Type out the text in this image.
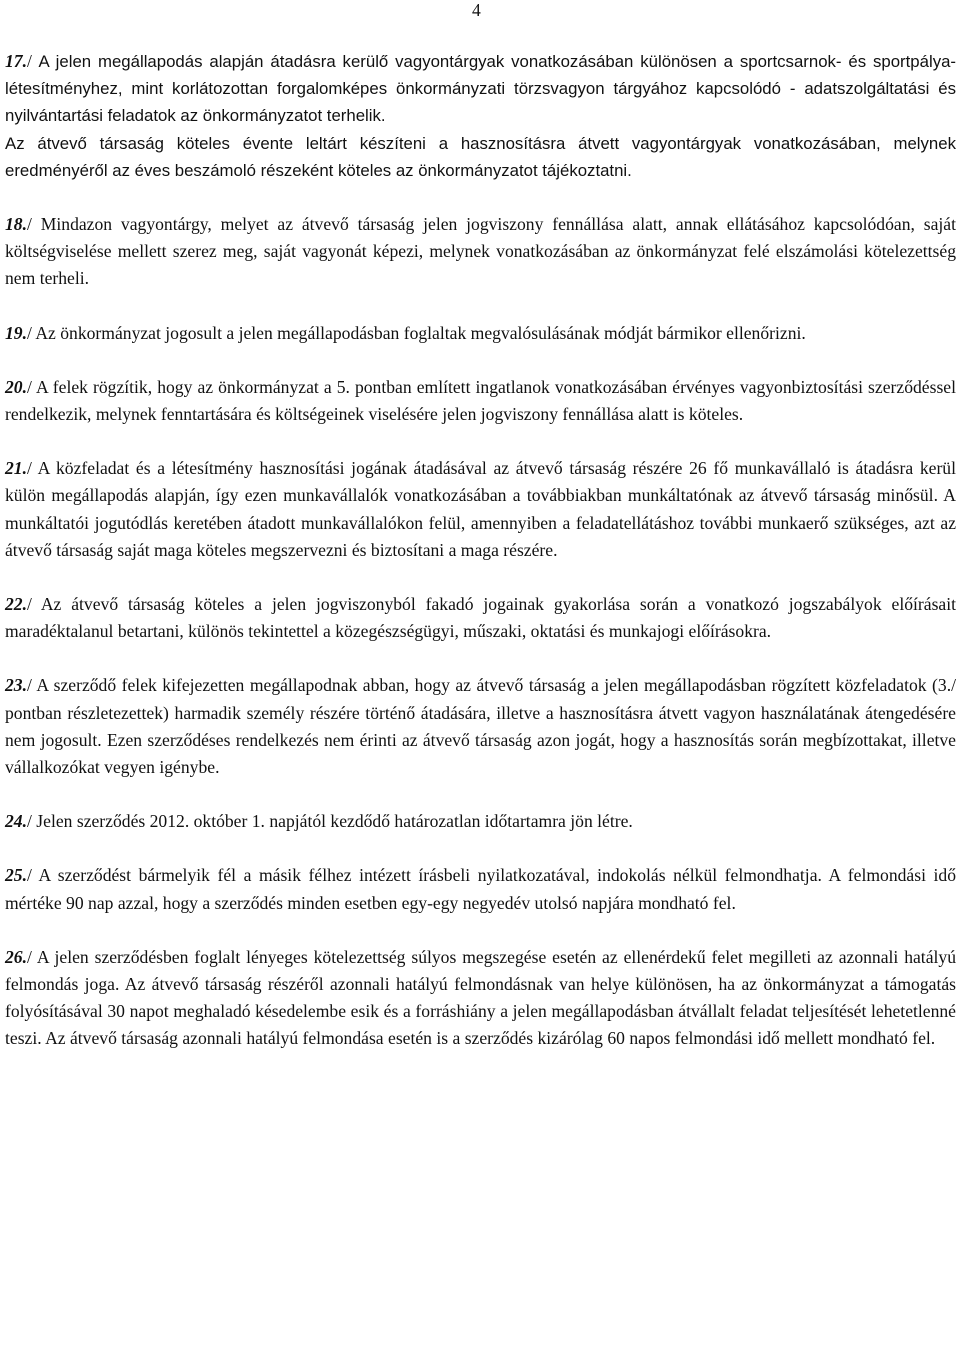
4

17./ A jelen megállapodás alapján átadásra kerülő vagyontárgyak vonatkozásában különösen a sportcsarnok- és sportpálya-létesítményhez, mint korlátozottan forgalomképes önkormányzati törzsvagyon tárgyához kapcsolódó - adatszolgáltatási és nyilvántartási feladatok az önkormányzatot terhelik.

Az átvevő társaság köteles évente leltárt készíteni a hasznosításra átvett vagyontárgyak vonatkozásában, melynek eredményéről az éves beszámoló részeként köteles az önkormányzatot tájékoztatni.

18./ Mindazon vagyontárgy, melyet az átvevő társaság jelen jogviszony fennállása alatt, annak ellátásához kapcsolódóan, saját költségviselése mellett szerez meg, saját vagyonát képezi, melynek vonatkozásában az önkormányzat felé elszámolási kötelezettség nem terheli.

19./ Az önkormányzat jogosult a jelen megállapodásban foglaltak megvalósulásának módját bármikor ellenőrizni.

20./ A felek rögzítik, hogy az önkormányzat a 5. pontban említett ingatlanok vonatkozásában érvényes vagyonbiztosítási szerződéssel rendelkezik, melynek fenntartására és költségeinek viselésére jelen jogviszony fennállása alatt is köteles.

21./ A közfeladat és a létesítmény hasznosítási jogának átadásával az átvevő társaság részére 26 fő munkavállaló is átadásra kerül külön megállapodás alapján, így ezen munkavállalók vonatkozásában a továbbiakban munkáltatónak az átvevő társaság minősül. A munkáltatói jogutódlás keretében átadott munkavállalókon felül, amennyiben a feladatellátáshoz további munkaerő szükséges, azt az átvevő társaság saját maga köteles megszervezni és biztosítani a maga részére.

22./ Az átvevő társaság köteles a jelen jogviszonyból fakadó jogainak gyakorlása során a vonatkozó jogszabályok előírásait maradéktalanul betartani, különös tekintettel a közegészségügyi, műszaki, oktatási és munkajogi előírásokra.

23./ A szerződő felek kifejezetten megállapodnak abban, hogy az átvevő társaság a jelen megállapodásban rögzített közfeladatok (3./ pontban részletezettek) harmadik személy részére történő átadására, illetve a hasznosításra átvett vagyon használatának átengedésére nem jogosult. Ezen szerződéses rendelkezés nem érinti az átvevő társaság azon jogát, hogy a hasznosítás során megbízottakat, illetve vállalkozókat vegyen igénybe.

24./ Jelen szerződés 2012. október 1. napjától kezdődő határozatlan időtartamra jön létre.

25./ A szerződést bármelyik fél a másik félhez intézett írásbeli nyilatkozatával, indokolás nélkül felmondhatja. A felmondási idő mértéke 90 nap azzal, hogy a szerződés minden esetben egy-egy negyedév utolsó napjára mondható fel.

26./ A jelen szerződésben foglalt lényeges kötelezettség súlyos megszegése esetén az ellenérdekű felet megilleti az azonnali hatályú felmondás joga. Az átvevő társaság részéről azonnali hatályú felmondásnak van helye különösen, ha az önkormányzat a támogatás folyósításával 30 napot meghaladó késedelembe esik és a forráshiány a jelen megállapodásban átvállalt feladat teljesítését lehetetlenné teszi. Az átvevő társaság azonnali hatályú felmondása esetén is a szerződés kizárólag 60 napos felmondási idő mellett mondható fel.
